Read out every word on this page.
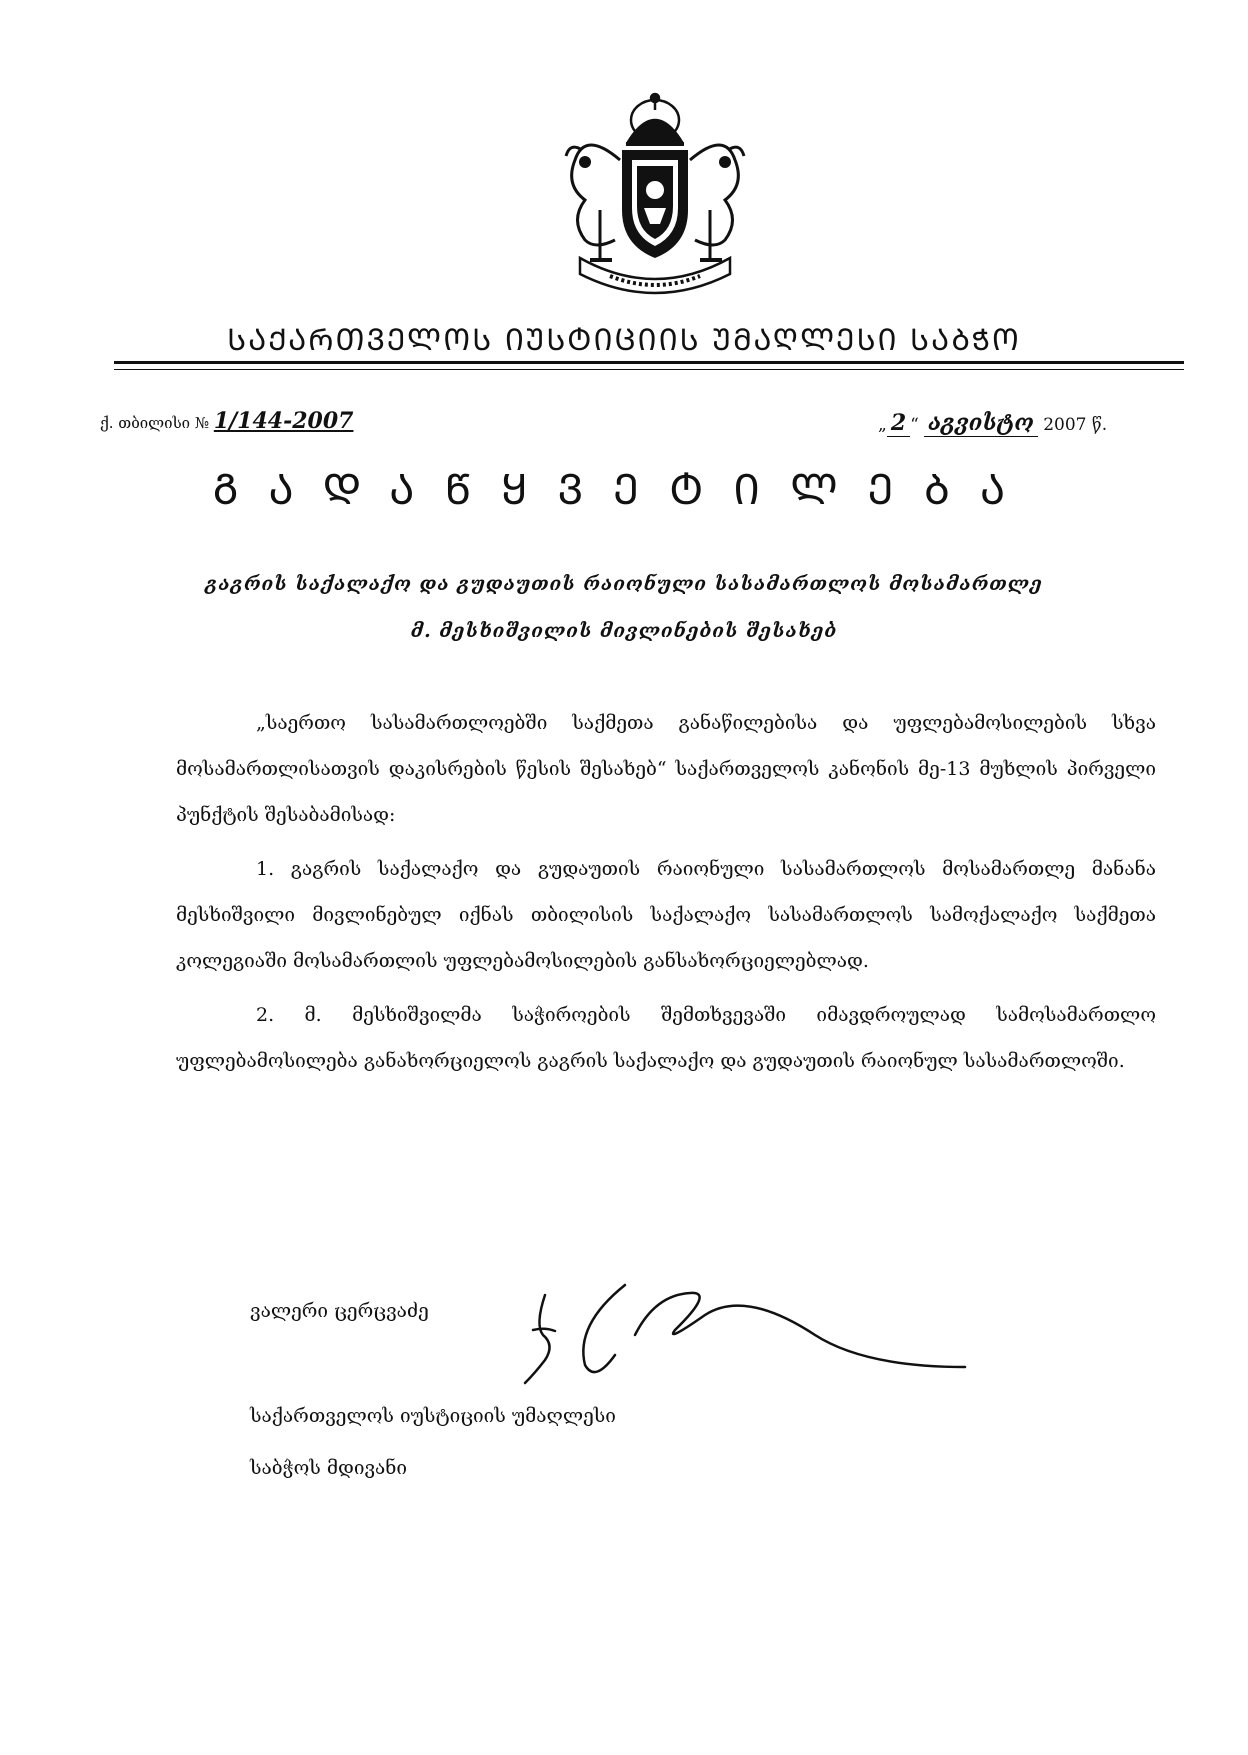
ᲡᲐᲥᲐᲠᲗᲕᲔᲚᲝᲡ ᲘᲣᲡᲢᲘᲪᲘᲘᲡ ᲣᲛᲐᲦᲚᲔᲡᲘ ᲡᲐᲑᲭᲝ
ქ. თბილისი № 1/144-2007	„ 2 “ აგვისტო 2007 წ.
ᲒᲐᲓᲐᲬᲧᲕᲔᲢᲘᲚᲔᲑᲐ
გაგრის საქალაქო და გუდაუთის რაიონული სასამართლოს მოსამართლე
მ. მესხიშვილის მივლინების შესახებ

„საერთო სასამართლოებში საქმეთა განაწილებისა და უფლებამოსილების სხვა მოსამართლისათვის დაკისრების წესის შესახებ“ საქართველოს კანონის მე-13 მუხლის პირველი პუნქტის შესაბამისად:

1. გაგრის საქალაქო და გუდაუთის რაიონული სასამართლოს მოსამართლე მანანა მესხიშვილი მივლინებულ იქნას თბილისის საქალაქო სასამართლოს სამოქალაქო საქმეთა კოლეგიაში მოსამართლის უფლებამოსილების განსახორციელებლად.

2. მ. მესხიშვილმა საჭიროების შემთხვევაში იმავდროულად სამოსამართლო უფლებამოსილება განახორციელოს გაგრის საქალაქო და გუდაუთის რაიონულ სასამართლოში.

ვალერი ცერცვაძე
საქართველოს იუსტიციის უმაღლესი
საბჭოს მდივანი
